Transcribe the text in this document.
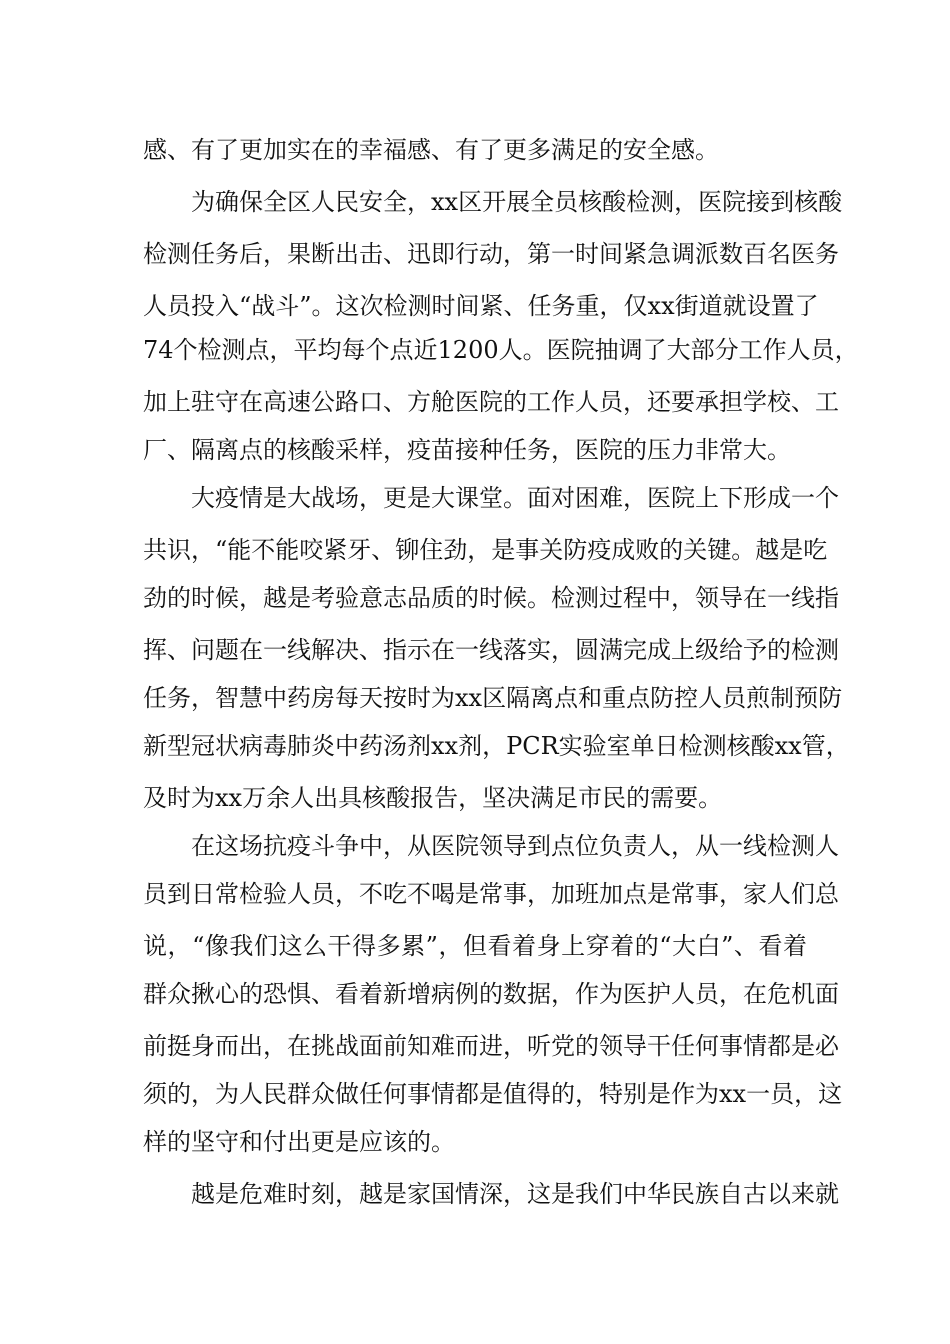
感、有了更加实在的幸福感、有了更多满足的安全感。
为确保全区人民安全，xx区开展全员核酸检测，医院接到核酸
检测任务后，果断出击、迅即行动，第一时间紧急调派数百名医务
人员投入“战斗”。这次检测时间紧、任务重，仅xx街道就设置了
74个检测点，平均每个点近1200人。医院抽调了大部分工作人员，
加上驻守在高速公路口、方舱医院的工作人员，还要承担学校、工
厂、隔离点的核酸采样，疫苗接种任务，医院的压力非常大。
大疫情是大战场，更是大课堂。面对困难，医院上下形成一个
共识，“能不能咬紧牙、铆住劲，是事关防疫成败的关键。越是吃
劲的时候，越是考验意志品质的时候。检测过程中，领导在一线指
挥、问题在一线解决、指示在一线落实，圆满完成上级给予的检测
任务，智慧中药房每天按时为xx区隔离点和重点防控人员煎制预防
新型冠状病毒肺炎中药汤剂xx剂，PCR实验室单日检测核酸xx管，
及时为xx万余人出具核酸报告，坚决满足市民的需要。
在这场抗疫斗争中，从医院领导到点位负责人，从一线检测人
员到日常检验人员，不吃不喝是常事，加班加点是常事，家人们总
说，“像我们这么干得多累”，但看着身上穿着的“大白”、看着
群众揪心的恐惧、看着新增病例的数据，作为医护人员，在危机面
前挺身而出，在挑战面前知难而进，听党的领导干任何事情都是必
须的，为人民群众做任何事情都是值得的，特别是作为xx一员，这
样的坚守和付出更是应该的。
越是危难时刻，越是家国情深，这是我们中华民族自古以来就
